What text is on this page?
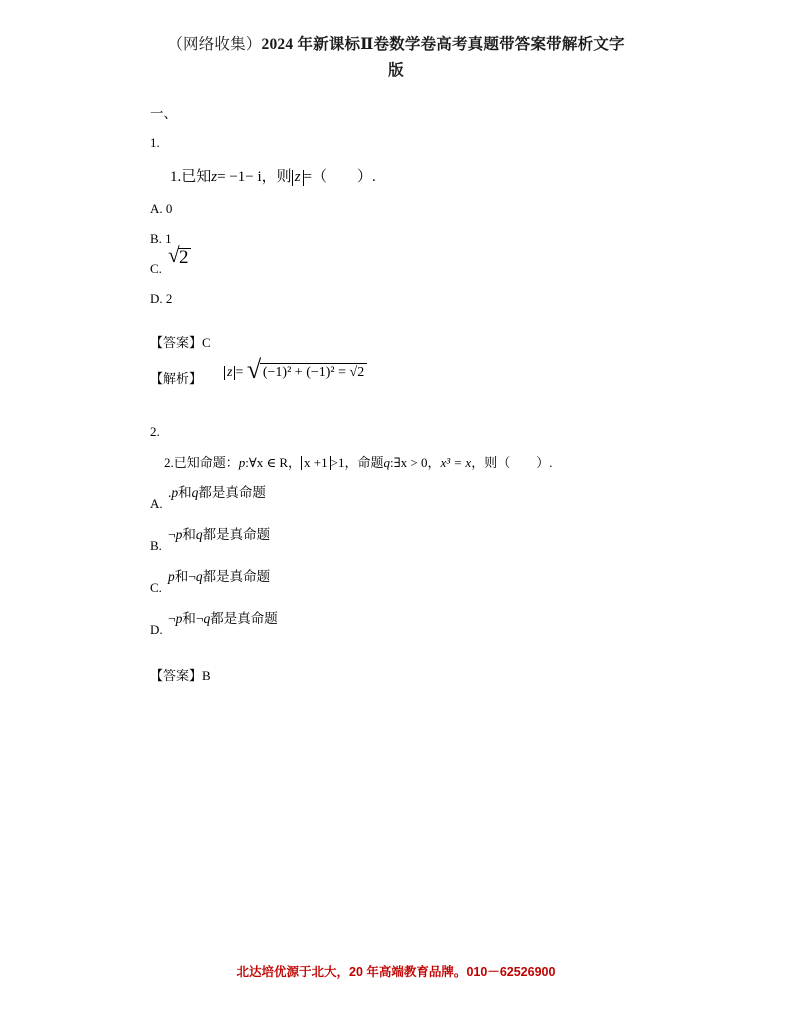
（网络收集）2024 年新课标Ⅱ卷数学卷高考真题带答案带解析文字
版
一、
1.
1.已知z= −1− i，则 z =（　　 ）.
A. 0
B. 1
C.
√ 2
D. 2
【答案】C
【解析】 z = √ (−1)² + (−1)² = √2
2.
2.已知命题：p:∀x ∈ R， x +1 >1，命题q:∃x > 0，x³ = x，则（　　 ）.
A.
.p和q都是真命题
B.
¬p和q都是真命题
C.
p和¬q都是真命题
D.
¬p和¬q都是真命题
【答案】B
北达培优源于北大，20 年高端教育品牌。010－62526900
